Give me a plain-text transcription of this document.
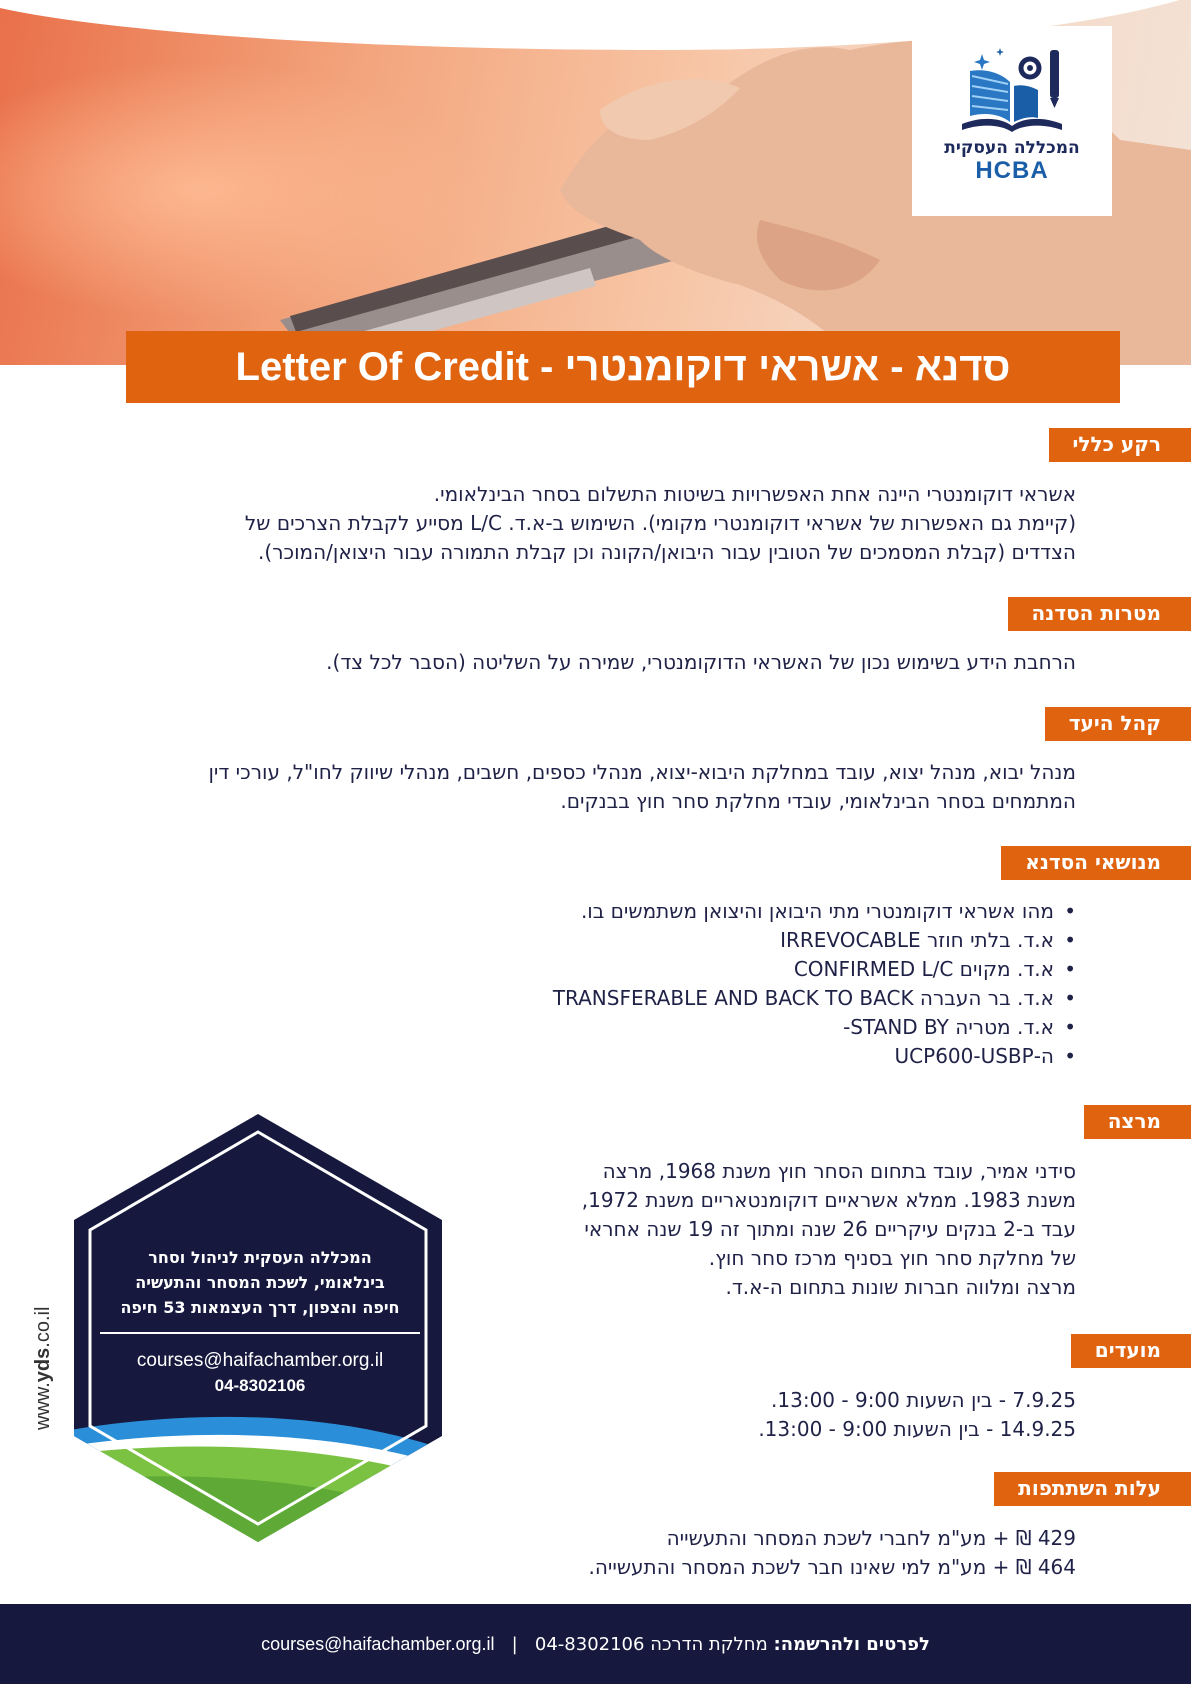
המכללה העסקית
HCBA
סדנא - אשראי דוקומנטרי - Letter Of Credit
רקע כללי
אשראי דוקומנטרי היינה אחת האפשרויות בשיטות התשלום בסחר הבינלאומי.
(קיימת גם האפשרות של אשראי דוקומנטרי מקומי). השימוש ב-א.ד. L/C מסייע לקבלת הצרכים של
הצדדים (קבלת המסמכים של הטובין עבור היבואן/הקונה וכן קבלת התמורה עבור היצואן/המוכר).
מטרות הסדנה
הרחבת הידע בשימוש נכון של האשראי הדוקומנטרי, שמירה על השליטה (הסבר לכל צד).
קהל היעד
מנהל יבוא, מנהל יצוא, עובד במחלקת היבוא-יצוא, מנהלי כספים, חשבים, מנהלי שיווק לחו"ל, עורכי דין
המתמחים בסחר הבינלאומי, עובדי מחלקת סחר חוץ בבנקים.
מנושאי הסדנא
•
מהו אשראי דוקומנטרי מתי היבואן והיצואן משתמשים בו.
•
א.ד. בלתי חוזר IRREVOCABLE
•
א.ד. מקוים CONFIRMED L/C
•
א.ד. בר העברה TRANSFERABLE AND BACK TO BACK
•
א.ד. מטריה STAND BY-
•
ה-UCP600-USBP
מרצה
סידני אמיר, עובד בתחום הסחר חוץ משנת 1968, מרצה
משנת 1983. ממלא אשראיים דוקומנטאריים משנת 1972,
עבד ב-2 בנקים עיקריים 26 שנה ומתוך זה 19 שנה אחראי
של מחלקת סחר חוץ בסניף מרכז סחר חוץ.
מרצה ומלווה חברות שונות בתחום ה-א.ד.
מועדים
7.9.25 - בין השעות 9:00 - 13:00.
14.9.25 - בין השעות 9:00 - 13:00.
עלות השתתפות
429 ₪ + מע"מ לחברי לשכת המסחר והתעשייה
464 ₪ + מע"מ למי שאינו חבר לשכת המסחר והתעשייה.
המכללה העסקית לניהול וסחר
בינלאומי, לשכת המסחר והתעשיה
חיפה והצפון, דרך העצמאות 53 חיפה
courses@haifachamber.org.il
04-8302106
www.yds.co.il
לפרטים ולהרשמה: מחלקת הדרכה 04-8302106   |   courses@haifachamber.org.il
